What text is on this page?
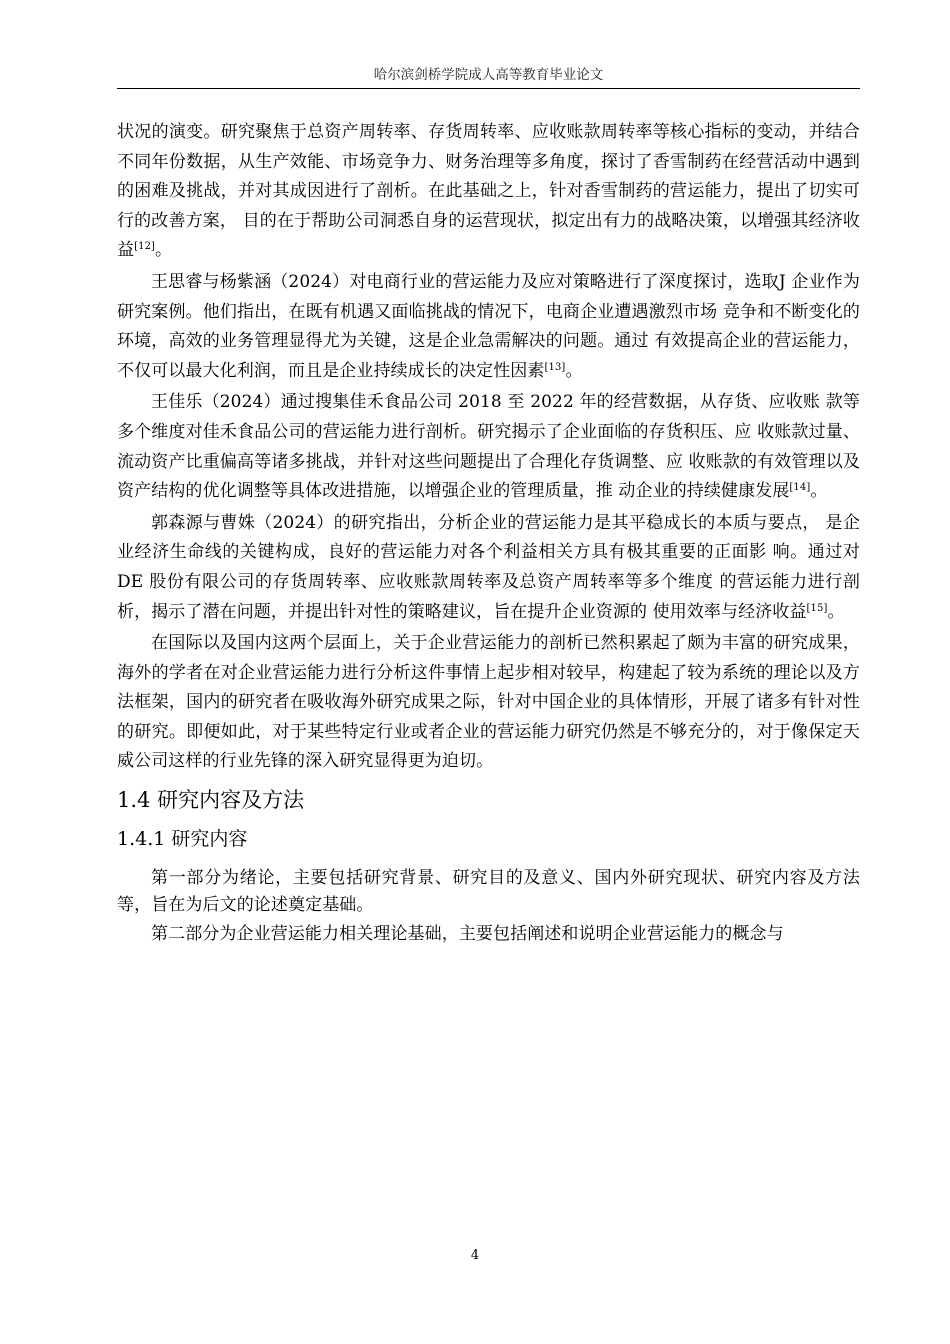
哈尔滨剑桥学院成人高等教育毕业论文

状况的演变。研究聚焦于总资产周转率、存货周转率、应收账款周转率等核心指标的变动，并结合不同年份数据，从生产效能、市场竞争力、财务治理等多角度，探讨了香雪制药在经营活动中遇到的困难及挑战，并对其成因进行了剖析。在此基础之上，针对香雪制药的营运能力，提出了切实可行的改善方案， 目的在于帮助公司洞悉自身的运营现状，拟定出有力的战略决策，以增强其经济收益[12]。

王思睿与杨紫涵（2024）对电商行业的营运能力及应对策略进行了深度探讨，选取J 企业作为研究案例。他们指出，在既有机遇又面临挑战的情况下，电商企业遭遇激烈市场 竞争和不断变化的环境，高效的业务管理显得尤为关键，这是企业急需解决的问题。通过 有效提高企业的营运能力，不仅可以最大化利润，而且是企业持续成长的决定性因素[13]。

王佳乐（2024）通过搜集佳禾食品公司 2018 至 2022 年的经营数据，从存货、应收账 款等多个维度对佳禾食品公司的营运能力进行剖析。研究揭示了企业面临的存货积压、应 收账款过量、流动资产比重偏高等诸多挑战，并针对这些问题提出了合理化存货调整、应 收账款的有效管理以及资产结构的优化调整等具体改进措施，以增强企业的管理质量，推 动企业的持续健康发展[14]。

郭森源与曹姝（2024）的研究指出，分析企业的营运能力是其平稳成长的本质与要点， 是企业经济生命线的关键构成，良好的营运能力对各个利益相关方具有极其重要的正面影 响。通过对 DE 股份有限公司的存货周转率、应收账款周转率及总资产周转率等多个维度 的营运能力进行剖析，揭示了潜在问题，并提出针对性的策略建议，旨在提升企业资源的 使用效率与经济收益[15]。

在国际以及国内这两个层面上，关于企业营运能力的剖析已然积累起了颇为丰富的研究成果，海外的学者在对企业营运能力进行分析这件事情上起步相对较早，构建起了较为系统的理论以及方法框架，国内的研究者在吸收海外研究成果之际，针对中国企业的具体情形，开展了诸多有针对性的研究。即便如此，对于某些特定行业或者企业的营运能力研究仍然是不够充分的，对于像保定天威公司这样的行业先锋的深入研究显得更为迫切。

1.4 研究内容及方法
1.4.1 研究内容

第一部分为绪论，主要包括研究背景、研究目的及意义、国内外研究现状、研究内容及方法等，旨在为后文的论述奠定基础。

第二部分为企业营运能力相关理论基础，主要包括阐述和说明企业营运能力的概念与

4
